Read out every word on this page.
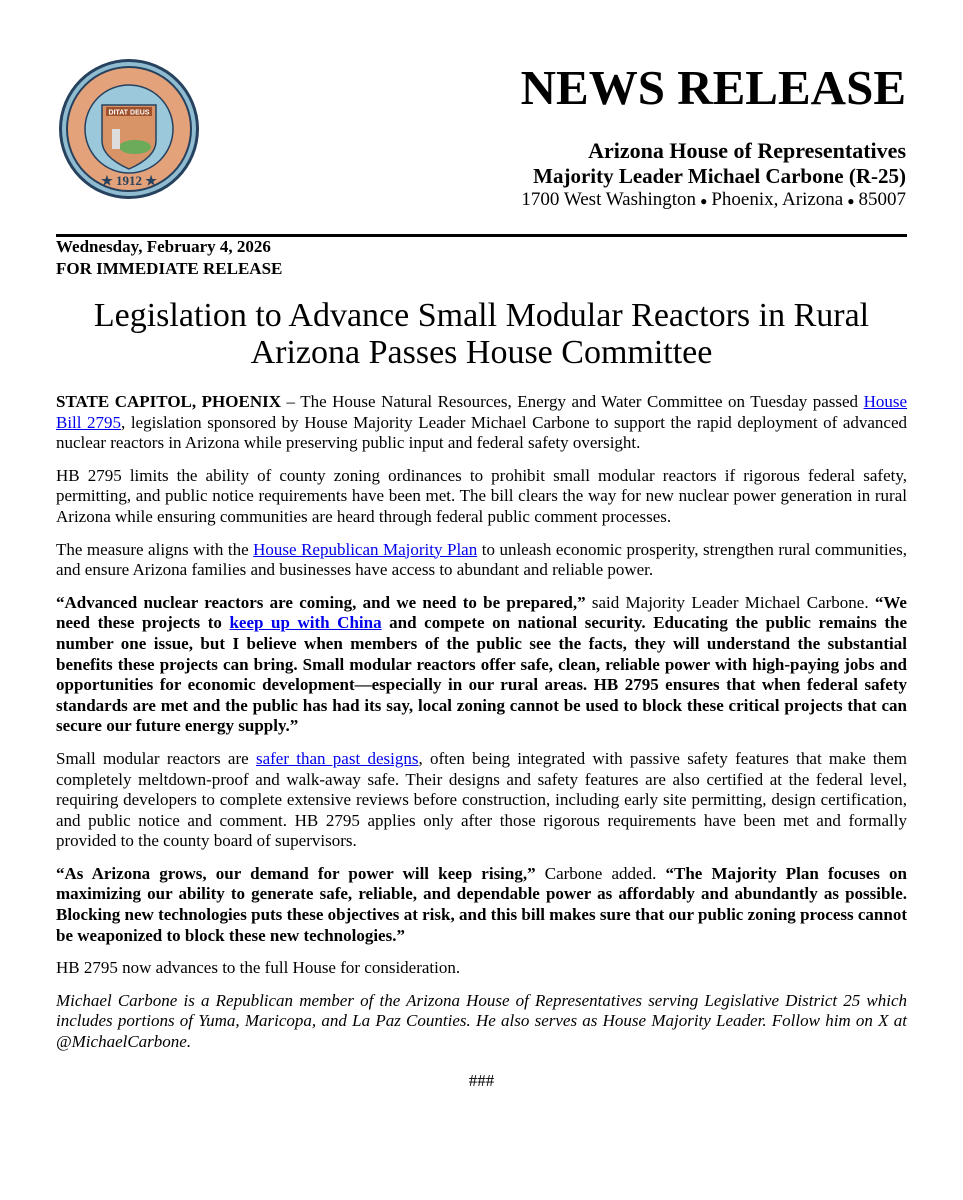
DITAT DEUS
★ 1912 ★
NEWS RELEASE
Arizona House of Representatives
Majority Leader Michael Carbone (R-25)
1700 West Washington ● Phoenix, Arizona ● 85007
Wednesday, February 4, 2026
FOR IMMEDIATE RELEASE
Legislation to Advance Small Modular Reactors in Rural
Arizona Passes House Committee

STATE CAPITOL, PHOENIX – The House Natural Resources, Energy and Water Committee on Tuesday passed House Bill 2795, legislation sponsored by House Majority Leader Michael Carbone to support the rapid deployment of advanced nuclear reactors in Arizona while preserving public input and federal safety oversight.

HB 2795 limits the ability of county zoning ordinances to prohibit small modular reactors if rigorous federal safety, permitting, and public notice requirements have been met. The bill clears the way for new nuclear power generation in rural Arizona while ensuring communities are heard through federal public comment processes.

The measure aligns with the House Republican Majority Plan to unleash economic prosperity, strengthen rural communities, and ensure Arizona families and businesses have access to abundant and reliable power.

“Advanced nuclear reactors are coming, and we need to be prepared,” said Majority Leader Michael Carbone. “We need these projects to keep up with China and compete on national security. Educating the public remains the number one issue, but I believe when members of the public see the facts, they will understand the substantial benefits these projects can bring. Small modular reactors offer safe, clean, reliable power with high-paying jobs and opportunities for economic development—especially in our rural areas. HB 2795 ensures that when federal safety standards are met and the public has had its say, local zoning cannot be used to block these critical projects that can secure our future energy supply.”

Small modular reactors are safer than past designs, often being integrated with passive safety features that make them completely meltdown-proof and walk-away safe. Their designs and safety features are also certified at the federal level, requiring developers to complete extensive reviews before construction, including early site permitting, design certification, and public notice and comment. HB 2795 applies only after those rigorous requirements have been met and formally provided to the county board of supervisors.

“As Arizona grows, our demand for power will keep rising,” Carbone added. “The Majority Plan focuses on maximizing our ability to generate safe, reliable, and dependable power as affordably and abundantly as possible. Blocking new technologies puts these objectives at risk, and this bill makes sure that our public zoning process cannot be weaponized to block these new technologies.”

HB 2795 now advances to the full House for consideration.

Michael Carbone is a Republican member of the Arizona House of Representatives serving Legislative District 25 which includes portions of Yuma, Maricopa, and La Paz Counties. He also serves as House Majority Leader. Follow him on X at @MichaelCarbone.

###
